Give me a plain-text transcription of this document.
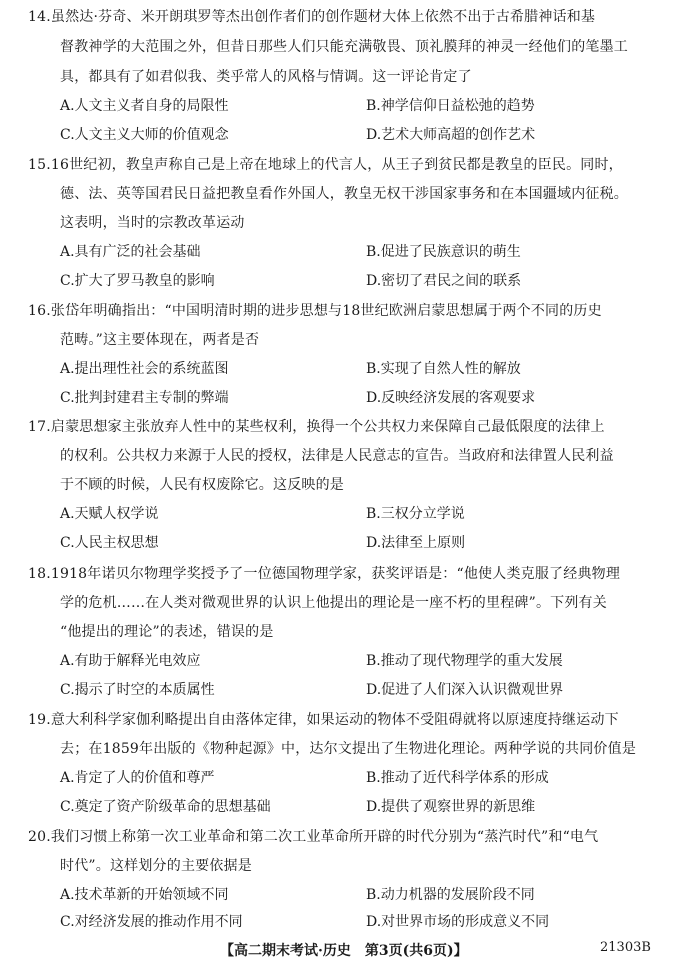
14.虽然达·芬奇、米开朗琪罗等杰出创作者们的创作题材大体上依然不出于古希腊神话和基
督教神学的大范围之外，但昔日那些人们只能充满敬畏、顶礼膜拜的神灵一经他们的笔墨工
具，都具有了如君似我、类乎常人的风格与情调。这一评论肯定了
A.人文主义者自身的局限性	B.神学信仰日益松弛的趋势
C.人文主义大师的价值观念	D.艺术大师高超的创作艺术
15.16世纪初，教皇声称自己是上帝在地球上的代言人，从王子到贫民都是教皇的臣民。同时，
德、法、英等国君民日益把教皇看作外国人，教皇无权干涉国家事务和在本国疆域内征税。
这表明，当时的宗教改革运动
A.具有广泛的社会基础	B.促进了民族意识的萌生
C.扩大了罗马教皇的影响	D.密切了君民之间的联系
16.张岱年明确指出：“中国明清时期的进步思想与18世纪欧洲启蒙思想属于两个不同的历史
范畴。”这主要体现在，两者是否
A.提出理性社会的系统蓝图	B.实现了自然人性的解放
C.批判封建君主专制的弊端	D.反映经济发展的客观要求
17.启蒙思想家主张放弃人性中的某些权利，换得一个公共权力来保障自己最低限度的法律上
的权利。公共权力来源于人民的授权，法律是人民意志的宣告。当政府和法律置人民利益
于不顾的时候，人民有权废除它。这反映的是
A.天赋人权学说	B.三权分立学说
C.人民主权思想	D.法律至上原则
18.1918年诺贝尔物理学奖授予了一位德国物理学家，获奖评语是：“他使人类克服了经典物理
学的危机……在人类对微观世界的认识上他提出的理论是一座不朽的里程碑”。下列有关
“他提出的理论”的表述，错误的是
A.有助于解释光电效应	B.推动了现代物理学的重大发展
C.揭示了时空的本质属性	D.促进了人们深入认识微观世界
19.意大利科学家伽利略提出自由落体定律，如果运动的物体不受阻碍就将以原速度持继运动下
去；在1859年出版的《物种起源》中，达尔文提出了生物进化理论。两种学说的共同价值是
A.肯定了人的价值和尊严	B.推动了近代科学体系的形成
C.奠定了资产阶级革命的思想基础	D.提供了观察世界的新思维
20.我们习惯上称第一次工业革命和第二次工业革命所开辟的时代分别为“蒸汽时代”和“电气
时代”。这样划分的主要依据是
A.技术革新的开始领域不同	B.动力机器的发展阶段不同
C.对经济发展的推动作用不同	D.对世界市场的形成意义不同
【高二期末考试·历史　第3页(共6页)】	21303B
